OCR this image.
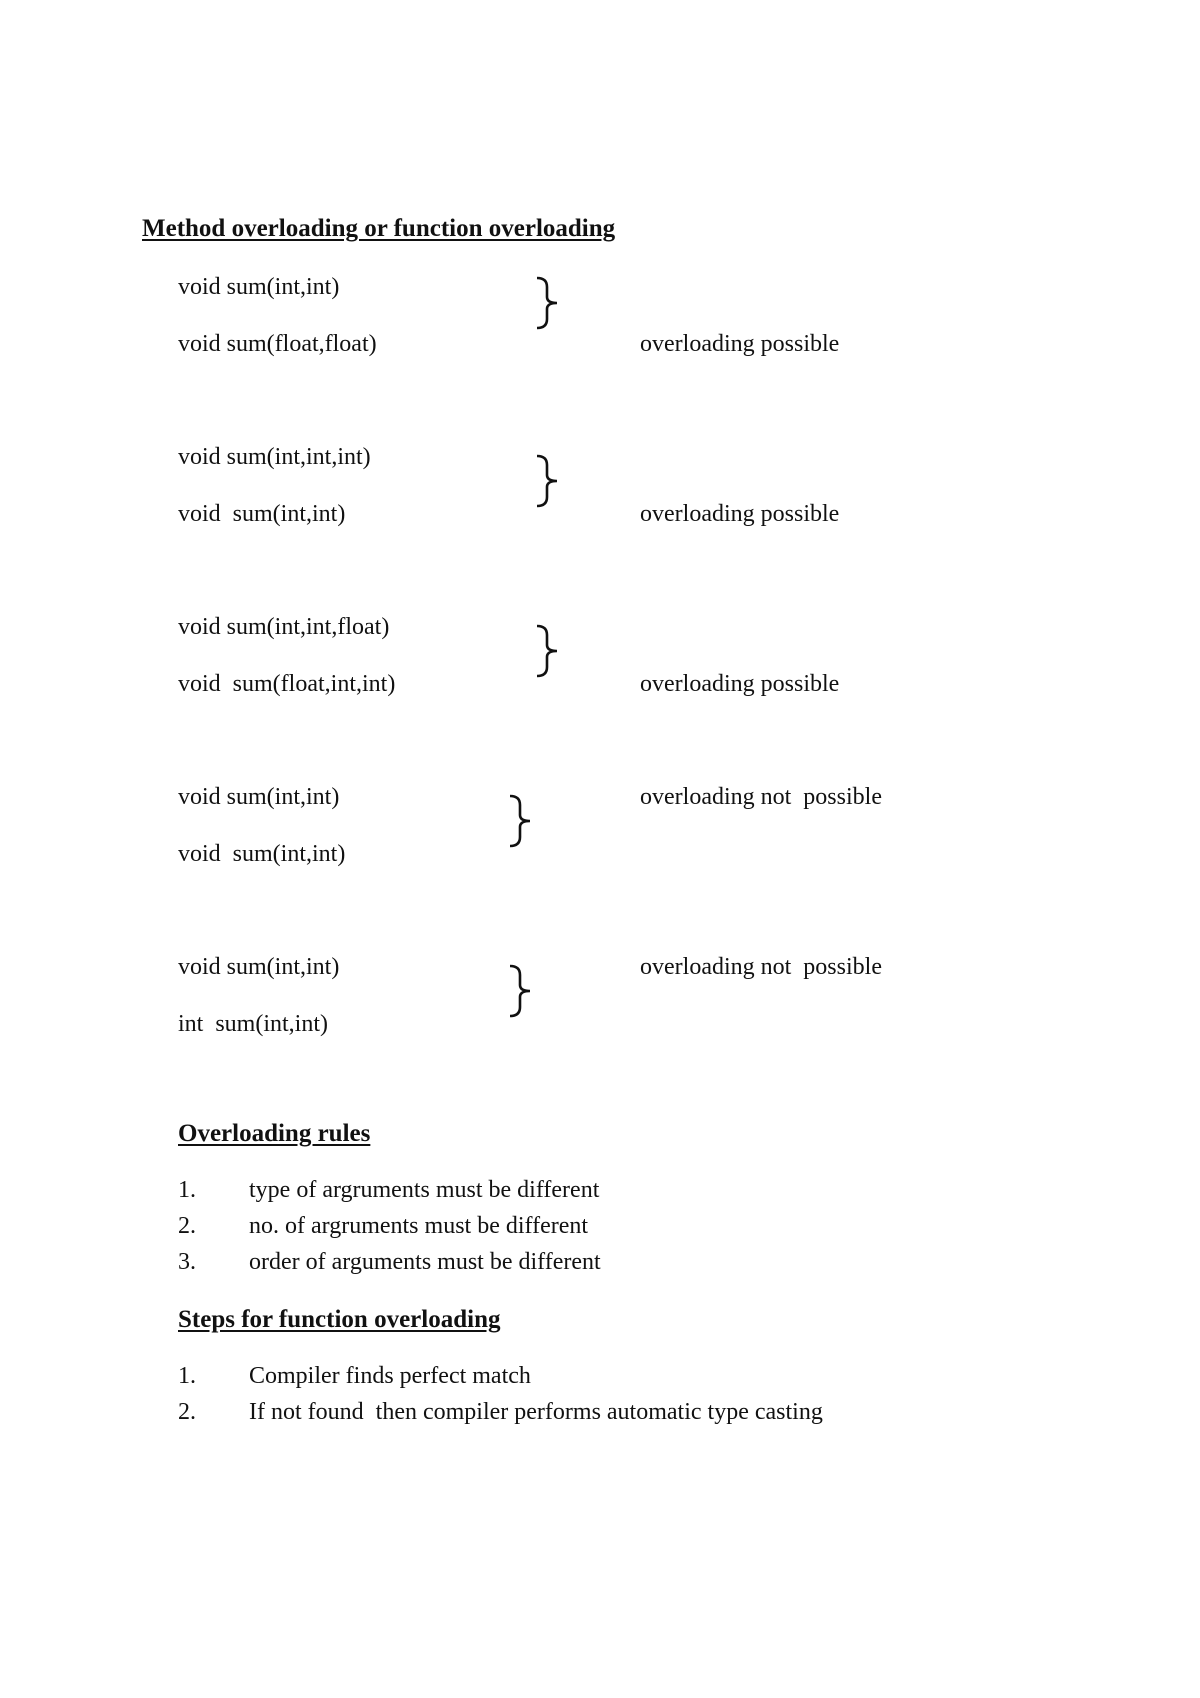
Method overloading or function overloading
void sum(int,int)
void sum(float,float)	overloading possible
void sum(int,int,int)
void  sum(int,int)	overloading possible
void sum(int,int,float)
void  sum(float,int,int)	overloading possible
void sum(int,int)
void  sum(int,int)
overloading not  possible
void sum(int,int)
int  sum(int,int)
overloading not  possible
Overloading rules
1. type of argruments must be different
2. no. of argruments must be different
3. order of arguments must be different
Steps for function overloading
1. Compiler finds perfect match
2. If not found  then compiler performs automatic type casting
